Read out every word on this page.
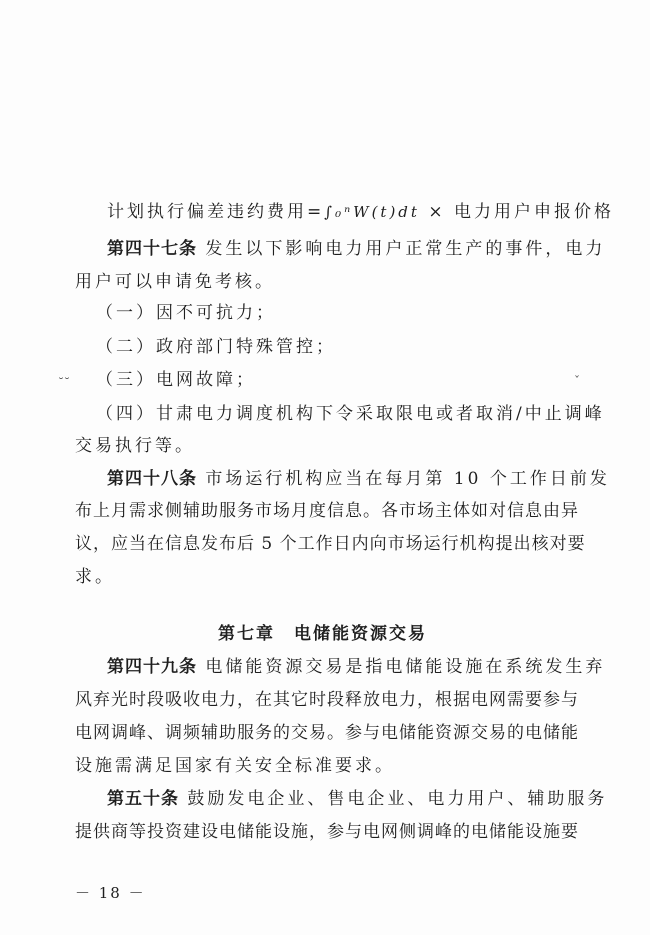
计划执行偏差违约费用=∫₀ⁿW(t)dt × 电力用户申报价格
第四十七条 发生以下影响电力用户正常生产的事件，电力
用户可以申请免考核。
（一）因不可抗力；
（二）政府部门特殊管控；
（三）电网故障；
（四）甘肃电力调度机构下令采取限电或者取消/中止调峰
交易执行等。
˘˘	ˇ
第四十八条 市场运行机构应当在每月第 10 个工作日前发
布上月需求侧辅助服务市场月度信息。各市场主体如对信息由异
议，应当在信息发布后 5 个工作日内向市场运行机构提出核对要
求。
第七章　电储能资源交易
第四十九条 电储能资源交易是指电储能设施在系统发生弃
风弃光时段吸收电力，在其它时段释放电力，根据电网需要参与
电网调峰、调频辅助服务的交易。参与电储能资源交易的电储能
设施需满足国家有关安全标准要求。
第五十条 鼓励发电企业、售电企业、电力用户、辅助服务
提供商等投资建设电储能设施，参与电网侧调峰的电储能设施要
－ 18 －
